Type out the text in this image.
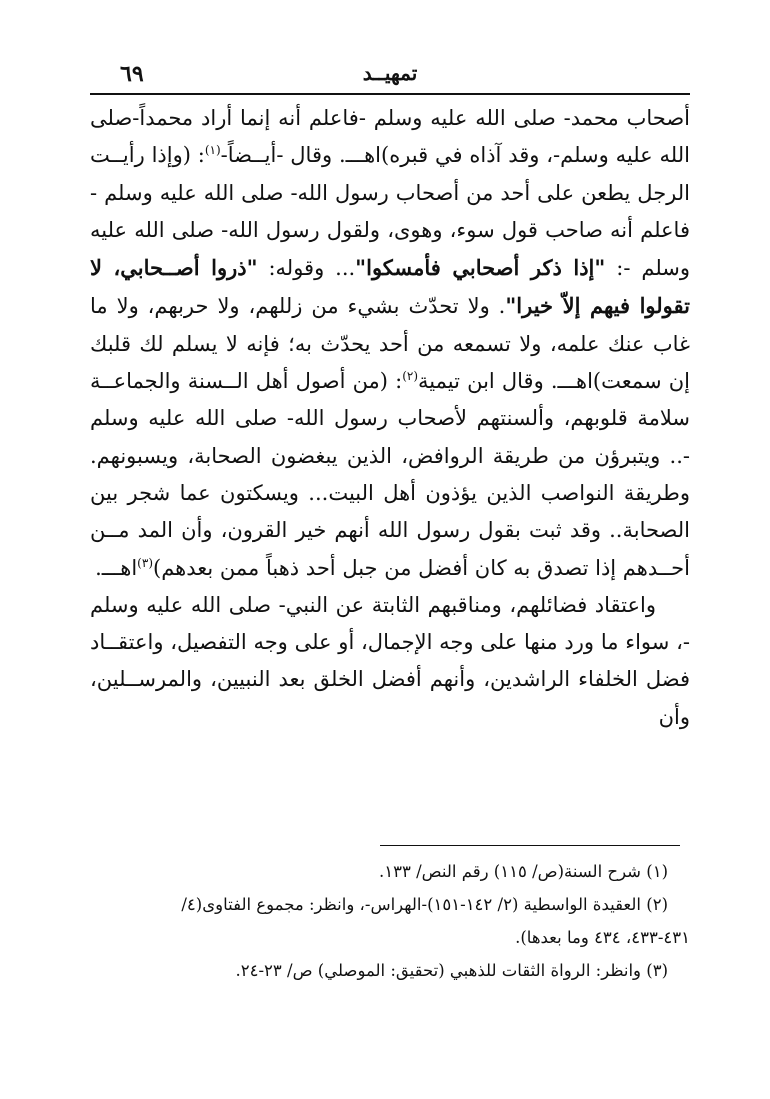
٦٩	تمهيــد

أصحاب محمد- صلى الله عليه وسلم -فاعلم أنه إنما أراد محمداً-صلى الله عليه وسلم-، وقد آذاه في قبره)اهـــ. وقال -أيــضاً-$^{(١)}$: (وإذا رأيــت الرجل يطعن على أحد من أصحاب رسول الله- صلى الله عليه وسلم - فاعلم أنه صاحب قول سوء، وهوى، ولقول رسول الله- صلى الله عليه وسلم -: "إذا ذكر أصحابي فأمسكوا"... وقوله: "ذروا أصــحابي، لا تقولوا فيهم إلاّ خيرا". ولا تحدّث بشيء من زللهم، ولا حربهم، ولا ما غاب عنك علمه، ولا تسمعه من أحد يحدّث به؛ فإنه لا يسلم لك قلبك إن سمعت)اهـــ. وقال ابن تيمية$^{(٢)}$: (من أصول أهل الــسنة والجماعــة سلامة قلوبهم، وألسنتهم لأصحاب رسول الله- صلى الله عليه وسلم -.. ويتبرؤن من طريقة الروافض، الذين يبغضون الصحابة، ويسبونهم. وطريقة النواصب الذين يؤذون أهل البيت... ويسكتون عما شجر بين الصحابة.. وقد ثبت بقول رسول الله أنهم خير القرون، وأن المد مــن أحــدهم إذا تصدق به كان أفضل من جبل أحد ذهباً ممن بعدهم)$^{(٣)}$اهـــ.

واعتقاد فضائلهم، ومناقبهم الثابتة عن النبي- صلى الله عليه وسلم -، سواء ما ورد منها على وجه الإجمال، أو على وجه التفصيل، واعتقــاد فضل الخلفاء الراشدين، وأنهم أفضل الخلق بعد النبيين، والمرســلين، وأن

(١) شرح السنة(ص/ ١١٥) رقم النص/ ١٣٣.

(٢) العقيدة الواسطية (٢/ ١٤٢-١٥١)-الهراس-، وانظر: مجموع الفتاوى(٤/

٤٣١-٤٣٣، ٤٣٤ وما بعدها).

(٣) وانظر: الرواة الثقات للذهبي (تحقيق: الموصلي) ص/ ٢٣-٢٤.
